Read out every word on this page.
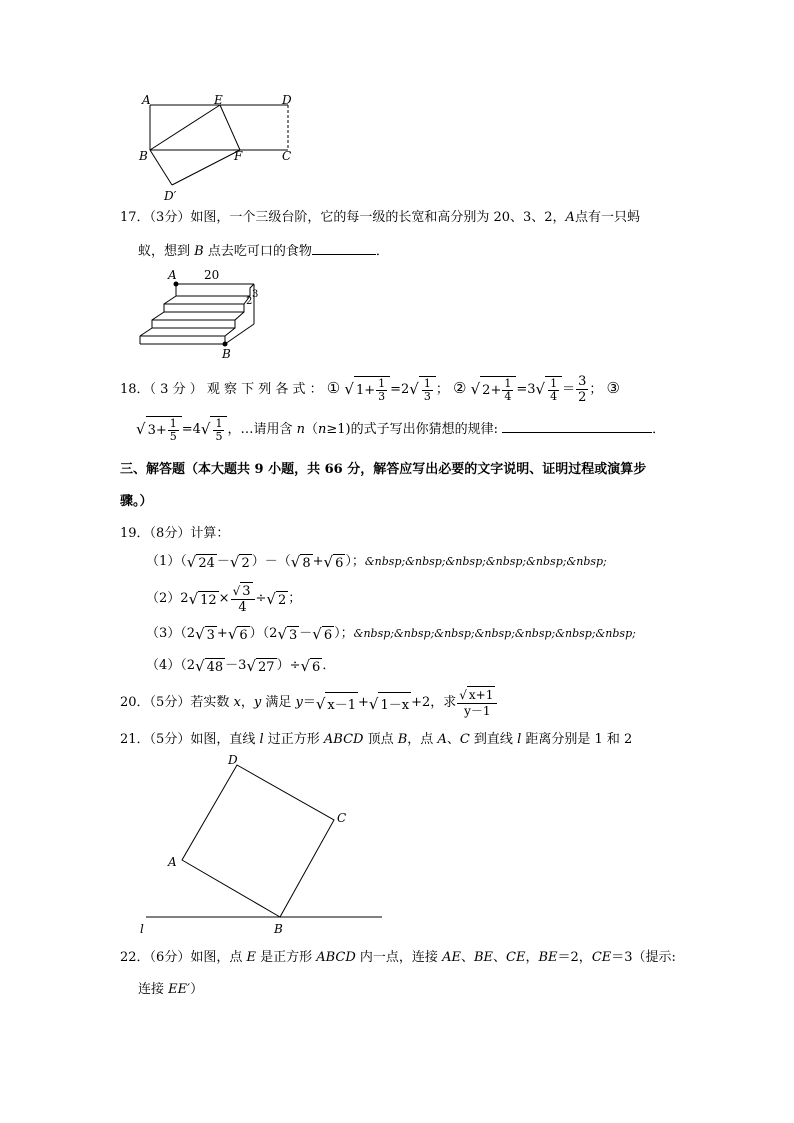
A	E	D
B	F	C
D′
17．（3分）如图，一个三级台阶，它的每一级的长宽和高分别为 20、3、2，A点有一只蚂
蚁，想到 B 点去吃可口的食物	．
A 20
3
2
B
18．（ 3 分 ） 观 察 下 列 各 式 ： ① √ $1+ \frac{1}{3} =2√ \frac{1}{3}$ ； ② √ $2+ \frac{1}{4} =3√ \frac{1}{4} = \frac{3}{2}$ ； ③
√ $3+ \frac{1}{5} =4√ \frac{1}{5}$ ，…请用含 n（n≥1)的式子写出你猜想的规律:	．
三、解答题（本大题共 9 小题，共 66 分，解答应写出必要的文字说明、证明过程或演算步
骤。）
19．（8分）计算：
（1）（√ 24 －√ 2 ）－（√ 8 +√ 6 ）；&nbsp;&nbsp;&nbsp;&nbsp;&nbsp;&nbsp;
（2）2√ $12 \times \frac{√ 3}{4}$ ÷√ 2 ；
（3）（2√ 3 +√ 6 ）（2√ 3 －√ 6 ）；&nbsp;&nbsp;&nbsp;&nbsp;&nbsp;&nbsp;&nbsp;
（4）（2√ 48 －3√ 27 ）÷√ 6 ．
20．（5分）若实数 x，y 满足 y＝√ x－1 +√ 1－x +2，求 $\frac{√ x+1}{y-1}$
21．（5分）如图，直线 l 过正方形 ABCD 顶点 B，点 A、C 到直线 l 距离分别是 1 和 2
D
C
A
B
l
22．（6分）如图，点 E 是正方形 ABCD 内一点，连接 AE、BE、CE，BE＝2，CE＝3（提示:
连接 EE′）
